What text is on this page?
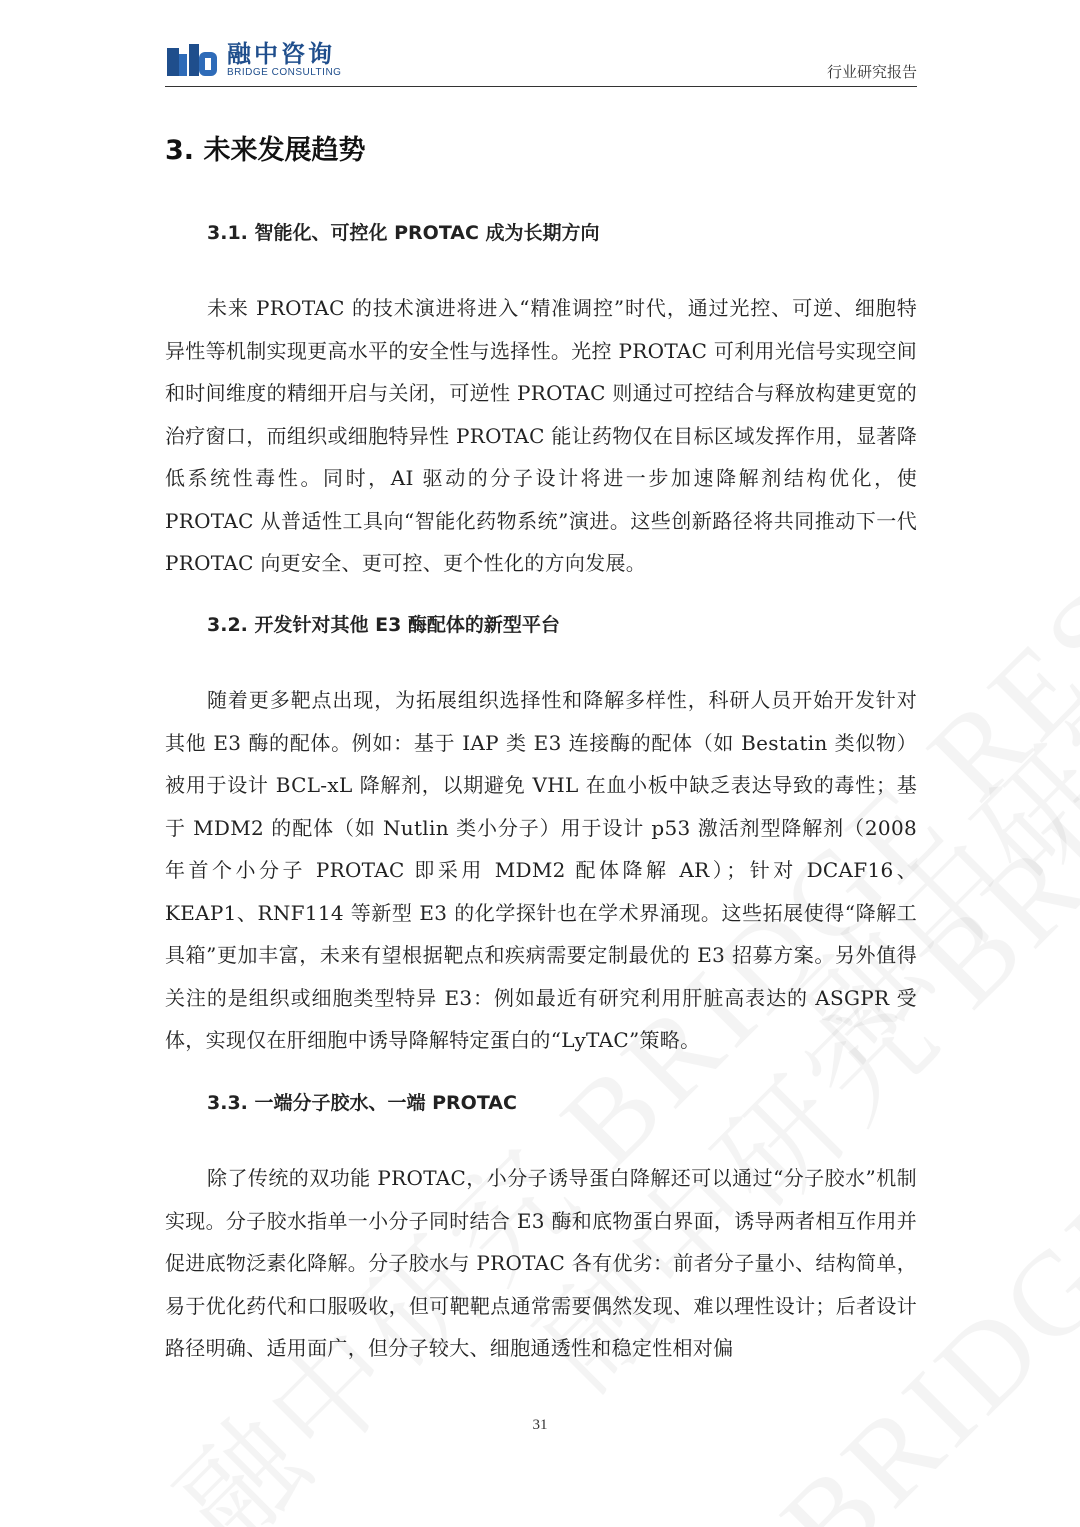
融中咨询
BRIDGE CONSULTING	行业研究报告
3. 未来发展趋势
3.1. 智能化、可控化 PROTAC 成为长期方向

未来 PROTAC 的技术演进将进入“精准调控”时代，通过光控、可逆、细胞特异性等机制实现更高水平的安全性与选择性。光控 PROTAC 可利用光信号实现空间和时间维度的精细开启与关闭，可逆性 PROTAC 则通过可控结合与释放构建更宽的治疗窗口，而组织或细胞特异性 PROTAC 能让药物仅在目标区域发挥作用，显著降低系统性毒性。同时，AI 驱动的分子设计将进一步加速降解剂结构优化，使 PROTAC 从普适性工具向“智能化药物系统”演进。这些创新路径将共同推动下一代 PROTAC 向更安全、更可控、更个性化的方向发展。

3.2. 开发针对其他 E3 酶配体的新型平台

随着更多靶点出现，为拓展组织选择性和降解多样性，科研人员开始开发针对其他 E3 酶的配体。例如：基于 IAP 类 E3 连接酶的配体（如 Bestatin 类似物）被用于设计 BCL-xL 降解剂，以期避免 VHL 在血小板中缺乏表达导致的毒性；基于 MDM2 的配体（如 Nutlin 类小分子）用于设计 p53 激活剂型降解剂（2008 年首个小分子 PROTAC 即采用 MDM2 配体降解 AR）；针对 DCAF16、KEAP1、RNF114 等新型 E3 的化学探针也在学术界涌现。这些拓展使得“降解工具箱”更加丰富，未来有望根据靶点和疾病需要定制最优的 E3 招募方案。另外值得关注的是组织或细胞类型特异 E3：例如最近有研究利用肝脏高表达的 ASGPR 受体，实现仅在肝细胞中诱导降解特定蛋白的“LyTAC”策略。

3.3. 一端分子胶水、一端 PROTAC

除了传统的双功能 PROTAC，小分子诱导蛋白降解还可以通过“分子胶水”机制实现。分子胶水指单一小分子同时结合 E3 酶和底物蛋白界面，诱导两者相互作用并促进底物泛素化降解。分子胶水与 PROTAC 各有优劣：前者分子量小、结构简单，易于优化药代和口服吸收，但可靶靶点通常需要偶然发现、难以理性设计；后者设计路径明确、适用面广，但分子较大、细胞通透性和稳定性相对偏

31
